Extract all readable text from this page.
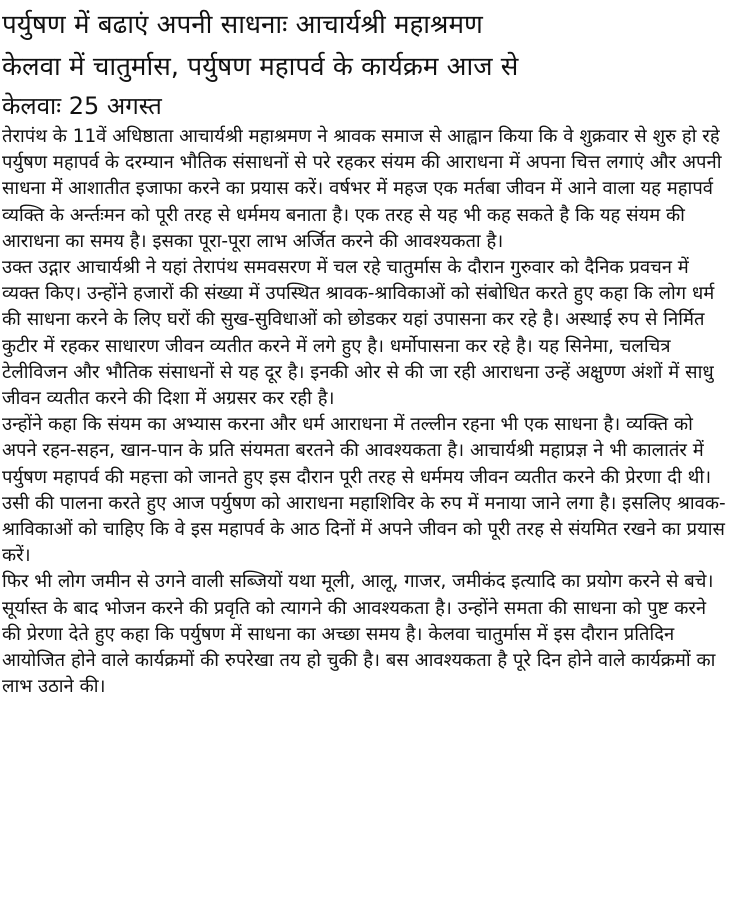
पर्युषण में बढाएं अपनी साधनाः आचार्यश्री महाश्रमण
केलवा में चातुर्मास, पर्युषण महापर्व के कार्यक्रम आज से
केलवाः 25 अगस्त

तेरापंथ के 11वें अधिष्ठाता आचार्यश्री महाश्रमण ने श्रावक समाज से आह्वान किया कि वे शुक्रवार से शुरु हो रहे पर्युषण महापर्व के दरम्यान भौतिक संसाधनों से परे रहकर संयम की आराधना में अपना चित्त लगाएं और अपनी साधना में आशातीत इजाफा करने का प्रयास करें। वर्षभर में महज एक मर्तबा जीवन में आने वाला यह महापर्व व्यक्ति के अर्न्तःमन को पूरी तरह से धर्ममय बनाता है। एक तरह से यह भी कह सकते है कि यह संयम की आराधना का समय है। इसका पूरा-पूरा लाभ अर्जित करने की आवश्यकता है।

उक्त उद्गार आचार्यश्री ने यहां तेरापंथ समवसरण में चल रहे चातुर्मास के दौरान गुरुवार को दैनिक प्रवचन में व्यक्त किए। उन्होंने हजारों की संख्या में उपस्थित श्रावक-श्राविकाओं को संबोधित करते हुए कहा कि लोग धर्म की साधना करने के लिए घरों की सुख-सुविधाओं को छोडकर यहां उपासना कर रहे है। अस्थाई रुप से निर्मित कुटीर में रहकर साधारण जीवन व्यतीत करने में लगे हुए है। धर्मोपासना कर रहे है। यह सिनेमा, चलचित्र टेलीविजन और भौतिक संसाधनों से यह दूर है। इनकी ओर से की जा रही आराधना उन्हें अक्षुण्ण अंशों में साधु जीवन व्यतीत करने की दिशा में अग्रसर कर रही है।

उन्होंने कहा कि संयम का अभ्यास करना और धर्म आराधना में तल्लीन रहना भी एक साधना है। व्यक्ति को अपने रहन-सहन, खान-पान के प्रति संयमता बरतने की आवश्यकता है। आचार्यश्री महाप्रज्ञ ने भी कालातंर में पर्युषण महापर्व की महत्ता को जानते हुए इस दौरान पूरी तरह से धर्ममय जीवन व्यतीत करने की प्रेरणा दी थी। उसी की पालना करते हुए आज पर्युषण को आराधना महाशिविर के रुप में मनाया जाने लगा है। इसलिए श्रावक-श्राविकाओं को चाहिए कि वे इस महापर्व के आठ दिनों में अपने जीवन को पूरी तरह से संयमित रखने का प्रयास करें।

फिर भी लोग जमीन से उगने वाली सब्जियों यथा मूली, आलू, गाजर, जमीकंद इत्यादि का प्रयोग करने से बचे। सूर्यास्त के बाद भोजन करने की प्रवृति को त्यागने की आवश्यकता है। उन्होंने समता की साधना को पुष्ट करने की प्रेरणा देते हुए कहा कि पर्युषण में साधना का अच्छा समय है। केलवा चातुर्मास में इस दौरान प्रतिदिन आयोजित होने वाले कार्यक्रमों की रुपरेखा तय हो चुकी है। बस आवश्यकता है पूरे दिन होने वाले कार्यक्रमों का लाभ उठाने की।
